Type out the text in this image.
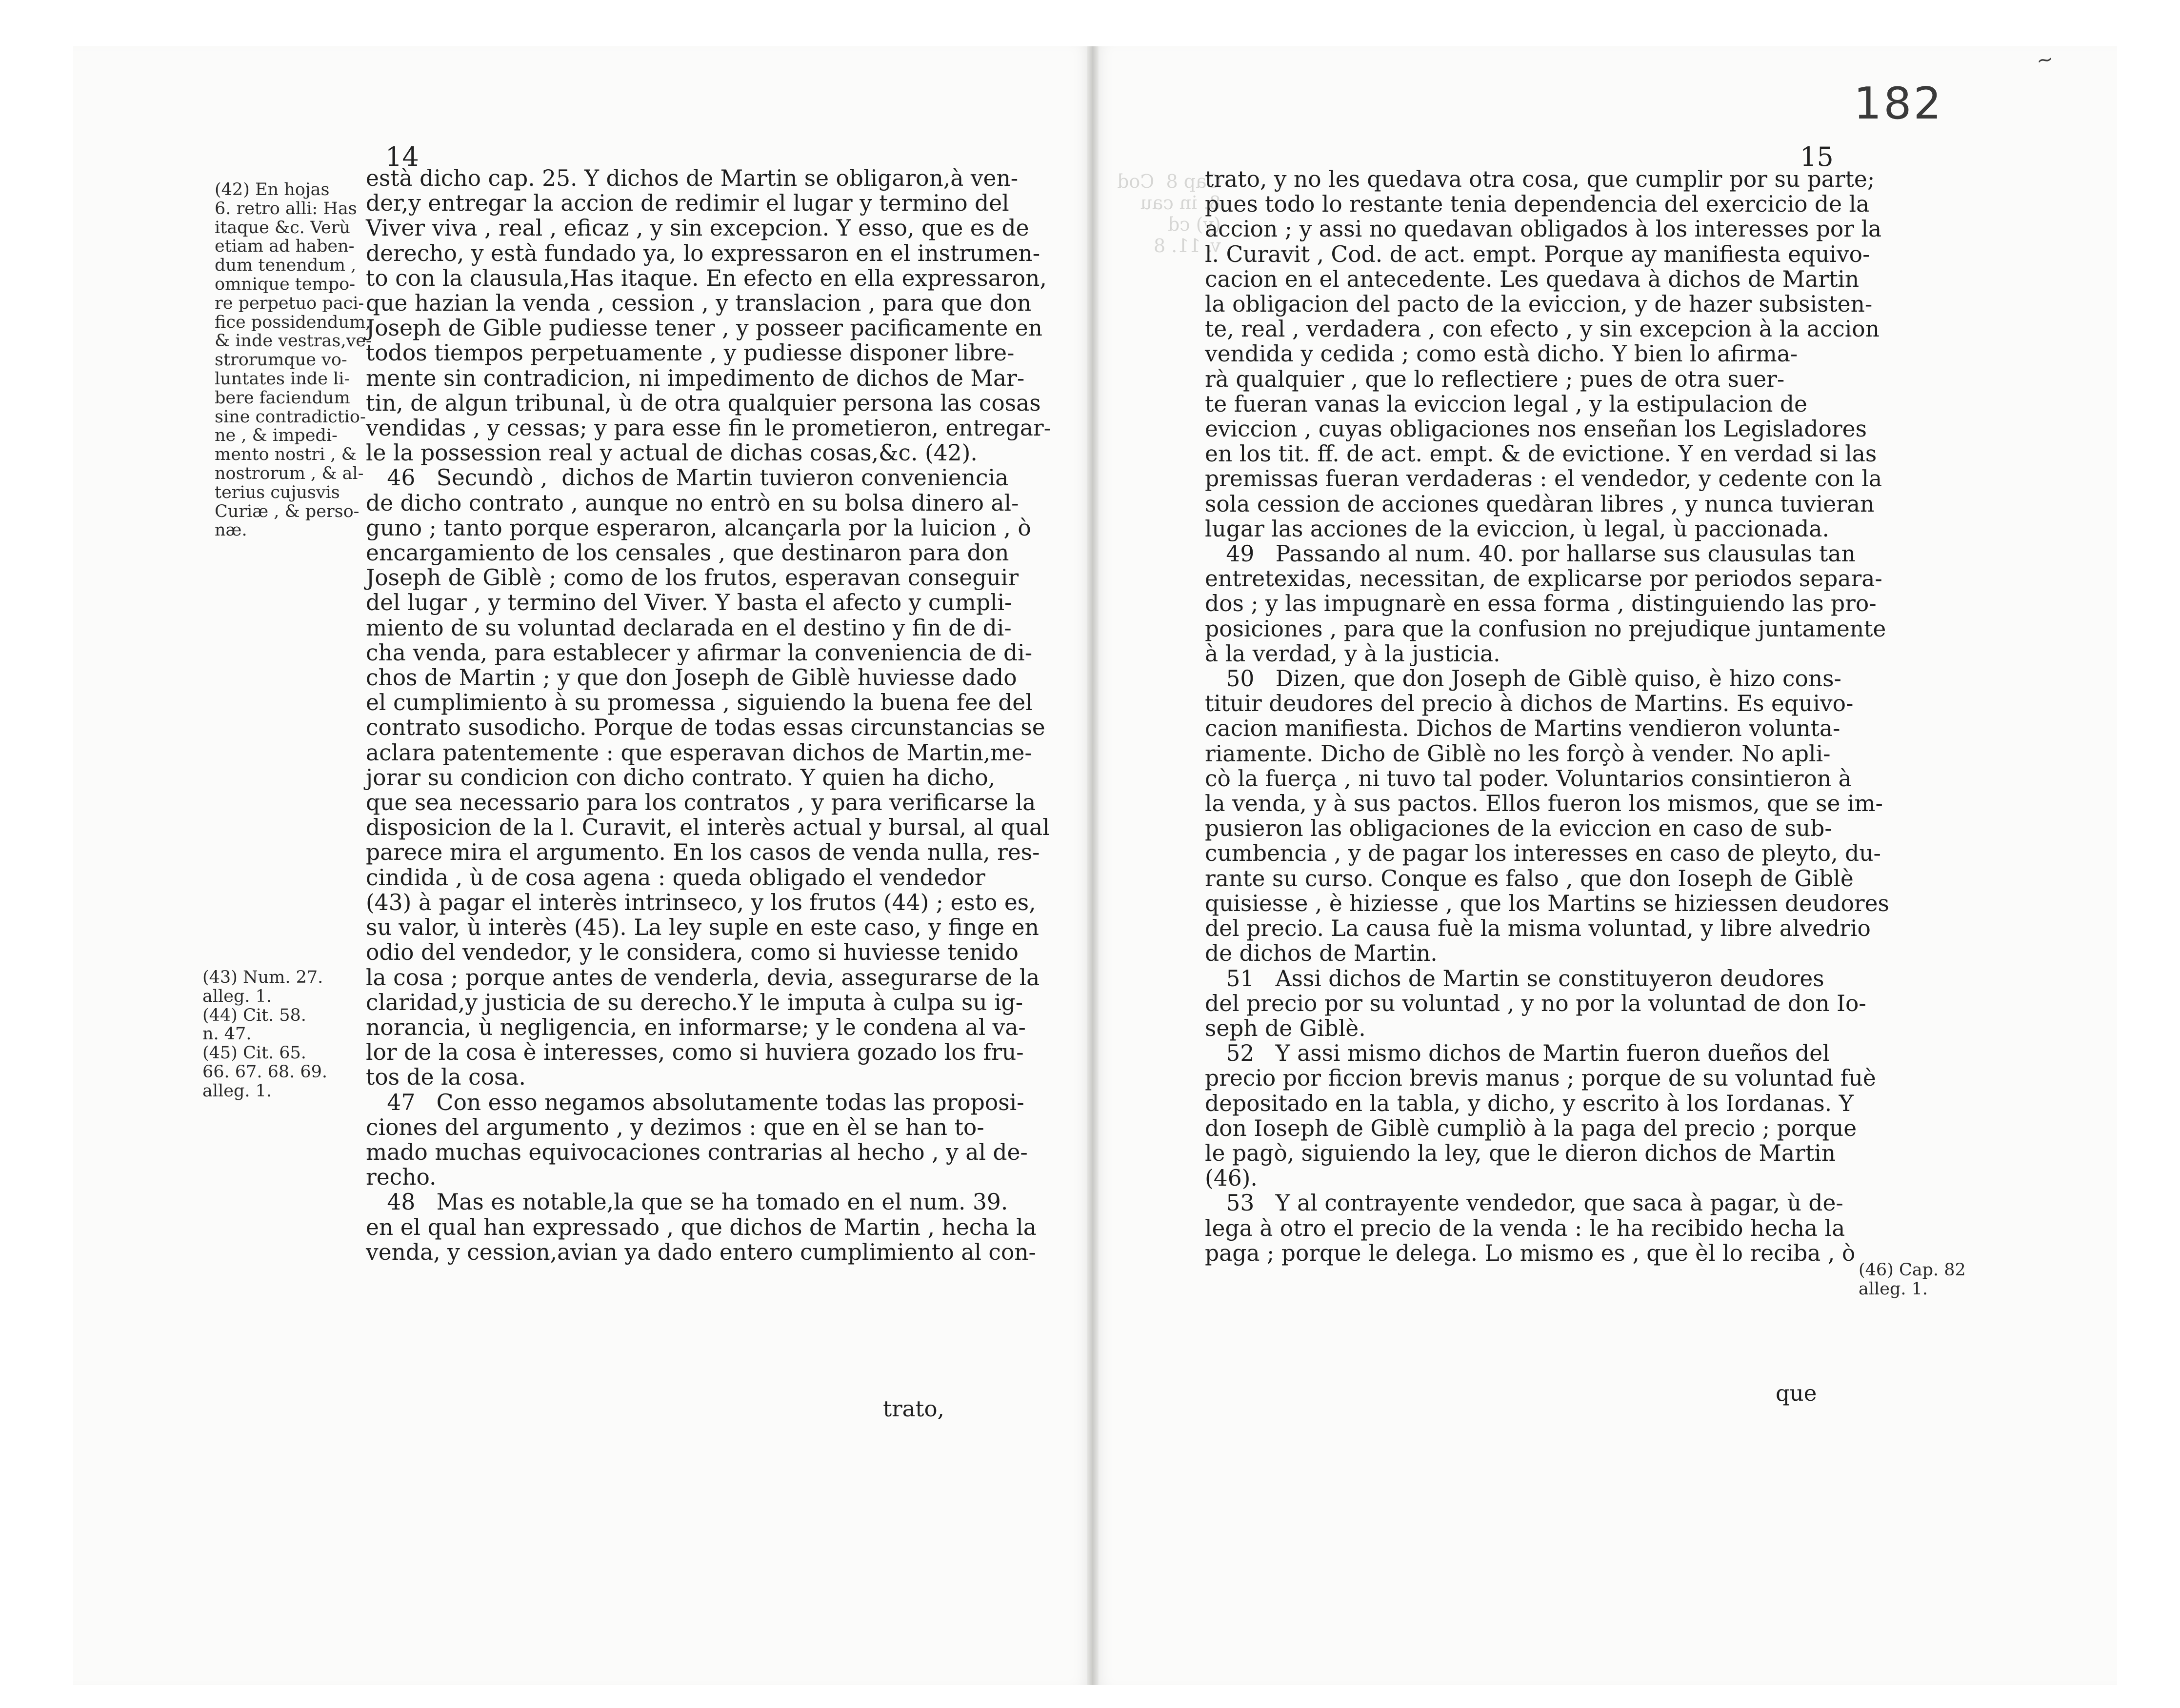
Cap 8  Cod
8. in cau
(y) cd
v. 11. 8
182
~
14
(42) En hojas
6. retro alli: Has
itaque &c. Verù
etiam ad haben-
dum tenendum ,
omnique tempo-
re perpetuo paci-
fice possidendum,
& inde vestras,ve-
strorumque vo-
luntates inde li-
bere faciendum
sine contradictio-
ne , & impedi-
mento nostri , &
nostrorum , & al-
terius cujusvis
Curiæ , & perso-
næ.
(43) Num. 27.
alleg. 1.
(44) Cit. 58.
n. 47.
(45) Cit. 65.
66. 67. 68. 69.
alleg. 1.
està dicho cap. 25. Y dichos de Martin se obligaron,à ven-
der,y entregar la accion de redimir el lugar y termino del
Viver viva , real , eficaz , y sin excepcion. Y esso, que es de
derecho, y està fundado ya, lo expressaron en el instrumen-
to con la clausula,Has itaque. En efecto en ella expressaron,
que hazian la venda , cession , y translacion , para que don
Joseph de Gible pudiesse tener , y posseer pacificamente en
todos tiempos perpetuamente , y pudiesse disponer libre-
mente sin contradicion, ni impedimento de dichos de Mar-
tin, de algun tribunal, ù de otra qualquier persona las cosas
vendidas , y cessas; y para esse fin le prometieron, entregar-
le la possession real y actual de dichas cosas,&c. (42).
46   Secundò ,  dichos de Martin tuvieron conveniencia
de dicho contrato , aunque no entrò en su bolsa dinero al-
guno ; tanto porque esperaron, alcançarla por la luicion , ò
encargamiento de los censales , que destinaron para don
Joseph de Giblè ; como de los frutos, esperavan conseguir
del lugar , y termino del Viver. Y basta el afecto y cumpli-
miento de su voluntad declarada en el destino y fin de di-
cha venda, para establecer y afirmar la conveniencia de di-
chos de Martin ; y que don Joseph de Giblè huviesse dado
el cumplimiento à su promessa , siguiendo la buena fee del
contrato susodicho. Porque de todas essas circunstancias se
aclara patentemente : que esperavan dichos de Martin,me-
jorar su condicion con dicho contrato. Y quien ha dicho,
que sea necessario para los contratos , y para verificarse la
disposicion de la l. Curavit, el interès actual y bursal, al qual
parece mira el argumento. En los casos de venda nulla, res-
cindida , ù de cosa agena : queda obligado el vendedor
(43) à pagar el interès intrinseco, y los frutos (44) ; esto es,
su valor, ù interès (45). La ley suple en este caso, y finge en
odio del vendedor, y le considera, como si huviesse tenido
la cosa ; porque antes de venderla, devia, assegurarse de la
claridad,y justicia de su derecho.Y le imputa à culpa su ig-
norancia, ù negligencia, en informarse; y le condena al va-
lor de la cosa è interesses, como si huviera gozado los fru-
tos de la cosa.
47   Con esso negamos absolutamente todas las proposi-
ciones del argumento , y dezimos : que en èl se han to-
mado muchas equivocaciones contrarias al hecho , y al de-
recho.
48   Mas es notable,la que se ha tomado en el num. 39.
en el qual han expressado , que dichos de Martin , hecha la
venda, y cession,avian ya dado entero cumplimiento al con-
trato,
15
trato, y no les quedava otra cosa, que cumplir por su parte;
pues todo lo restante tenia dependencia del exercicio de la
accion ; y assi no quedavan obligados à los interesses por la
l. Curavit , Cod. de act. empt. Porque ay manifiesta equivo-
cacion en el antecedente. Les quedava à dichos de Martin
la obligacion del pacto de la eviccion, y de hazer subsisten-
te, real , verdadera , con efecto , y sin excepcion à la accion
vendida y cedida ; como està dicho. Y bien lo afirma-
rà qualquier , que lo reflectiere ; pues de otra suer-
te fueran vanas la eviccion legal , y la estipulacion de
eviccion , cuyas obligaciones nos enseñan los Legisladores
en los tit. ff. de act. empt. & de evictione. Y en verdad si las
premissas fueran verdaderas : el vendedor, y cedente con la
sola cession de acciones quedàran libres , y nunca tuvieran
lugar las acciones de la eviccion, ù legal, ù paccionada.
49   Passando al num. 40. por hallarse sus clausulas tan
entretexidas, necessitan, de explicarse por periodos separa-
dos ; y las impugnarè en essa forma , distinguiendo las pro-
posiciones , para que la confusion no prejudique juntamente
à la verdad, y à la justicia.
50   Dizen, que don Joseph de Giblè quiso, è hizo cons-
tituir deudores del precio à dichos de Martins. Es equivo-
cacion manifiesta. Dichos de Martins vendieron volunta-
riamente. Dicho de Giblè no les forçò à vender. No apli-
cò la fuerça , ni tuvo tal poder. Voluntarios consintieron à
la venda, y à sus pactos. Ellos fueron los mismos, que se im-
pusieron las obligaciones de la eviccion en caso de sub-
cumbencia , y de pagar los interesses en caso de pleyto, du-
rante su curso. Conque es falso , que don Ioseph de Giblè
quisiesse , è hiziesse , que los Martins se hiziessen deudores
del precio. La causa fuè la misma voluntad, y libre alvedrio
de dichos de Martin.
51   Assi dichos de Martin se constituyeron deudores
del precio por su voluntad , y no por la voluntad de don Io-
seph de Giblè.
52   Y assi mismo dichos de Martin fueron dueños del
precio por ficcion brevis manus ; porque de su voluntad fuè
depositado en la tabla, y dicho, y escrito à los Iordanas. Y
don Ioseph de Giblè cumpliò à la paga del precio ; porque
le pagò, siguiendo la ley, que le dieron dichos de Martin
(46).
53   Y al contrayente vendedor, que saca à pagar, ù de-
lega à otro el precio de la venda : le ha recibido hecha la
paga ; porque le delega. Lo mismo es , que èl lo reciba , ò
(46) Cap. 82
alleg. 1.
que
